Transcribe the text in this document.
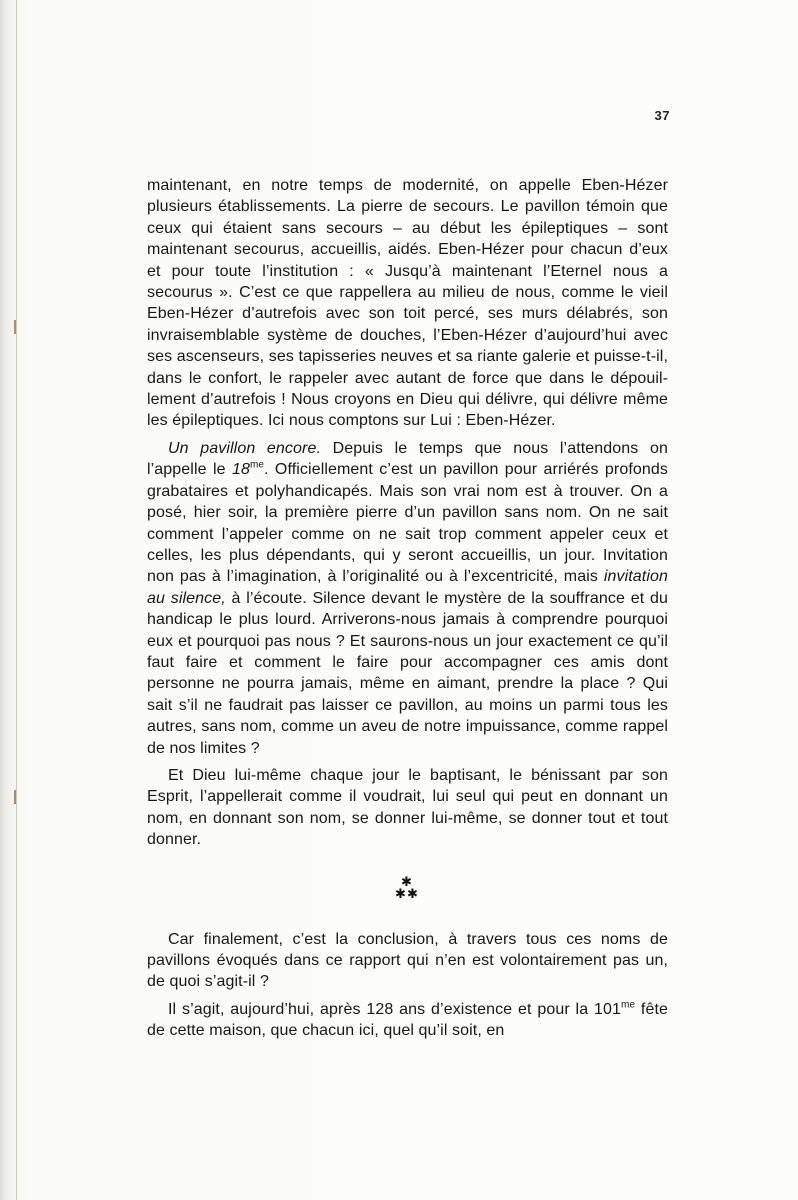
37

maintenant, en notre temps de modernité, on appelle Eben-Hézer plusieurs établissements. La pierre de secours. Le pavillon témoin que ceux qui étaient sans secours – au début les épileptiques – sont maintenant secourus, accueillis, aidés. Eben-Hézer pour chacun d’eux et pour toute l’institution : « Jusqu’à maintenant l’Eternel nous a secourus ». C’est ce que rappellera au milieu de nous, comme le vieil Eben-Hézer d’autrefois avec son toit percé, ses murs délabrés, son invraisemblable système de douches, l’Eben-Hézer d’aujourd’hui avec ses ascenseurs, ses tapisseries neuves et sa riante galerie et puisse-t-il, dans le confort, le rappeler avec autant de force que dans le dépouillement d’autrefois ! Nous croyons en Dieu qui délivre, qui délivre même les épileptiques. Ici nous comptons sur Lui : Eben-Hézer.

Un pavillon encore. Depuis le temps que nous l’attendons on l’appelle le $18^{me}$. Officiellement c’est un pavillon pour arriérés profonds grabataires et polyhandicapés. Mais son vrai nom est à trouver. On a posé, hier soir, la première pierre d’un pavillon sans nom. On ne sait comment l’appeler comme on ne sait trop comment appeler ceux et celles, les plus dépendants, qui y seront accueillis, un jour. Invitation non pas à l’imagination, à l’originalité ou à l’excentricité, mais invitation au silence, à l’écoute. Silence devant le mystère de la souffrance et du handicap le plus lourd. Arriverons-nous jamais à comprendre pourquoi eux et pourquoi pas nous ? Et saurons-nous un jour exactement ce qu’il faut faire et comment le faire pour accompagner ces amis dont personne ne pourra jamais, même en aimant, prendre la place ? Qui sait s’il ne faudrait pas laisser ce pavillon, au moins un parmi tous les autres, sans nom, comme un aveu de notre impuissance, comme rappel de nos limites ?

Et Dieu lui-même chaque jour le baptisant, le bénissant par son Esprit, l’appellerait comme il voudrait, lui seul qui peut en donnant un nom, en donnant son nom, se donner lui-même, se donner tout et tout donner.

✱
✱ ✱

Car finalement, c’est la conclusion, à travers tous ces noms de pavillons évoqués dans ce rapport qui n’en est volontairement pas un, de quoi s’agit-il ?

Il s’agit, aujourd’hui, après 128 ans d’existence et pour la $101^{me}$ fête de cette maison, que chacun ici, quel qu’il soit, en
